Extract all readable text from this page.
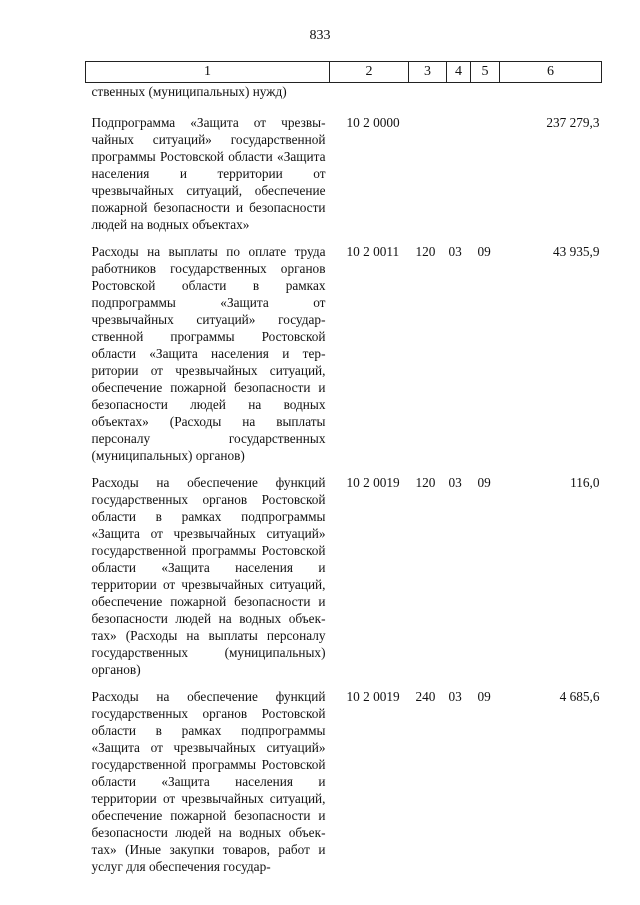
833
1	2	3	4	5	6
ственных (муниципальных) нужд)					
Подпрограмма «Защита от чрезвычайных ситуаций» государственной программы Ростовской области «Защита населения и территории от чрезвычайных ситуаций, обеспечение пожарной безопасности и безопасности людей на водных объектах»	10 2 0000				237 279,3
Расходы на выплаты по оплате труда работников государственных органов Ростовской области в рамках подпрограммы «Защита от чрезвычайных ситуаций» государственной программы Ростовской области «Защита населения и территории от чрезвычайных ситуаций, обеспечение пожарной безопасности и безопасности людей на водных объектах» (Расходы на выплаты персоналу государственных (муниципальных) органов)	10 2 0011	120	03	09	43 935,9
Расходы на обеспечение функций государственных органов Ростовской области в рамках подпрограммы «Защита от чрезвычайных ситуаций» государственной программы Ростовской области «Защита населения и территории от чрезвычайных ситуаций, обеспечение пожарной безопасности и безопасности людей на водных объектах» (Расходы на выплаты персоналу государственных (муниципальных) органов)	10 2 0019	120	03	09	116,0
Расходы на обеспечение функций государственных органов Ростовской области в рамках подпрограммы «Защита от чрезвычайных ситуаций» государственной программы Ростовской области «Защита населения и территории от чрезвычайных ситуаций, обеспечение пожарной безопасности и безопасности людей на водных объектах» (Иные закупки товаров, работ и услуг для обеспечения государ-	10 2 0019	240	03	09	4 685,6
